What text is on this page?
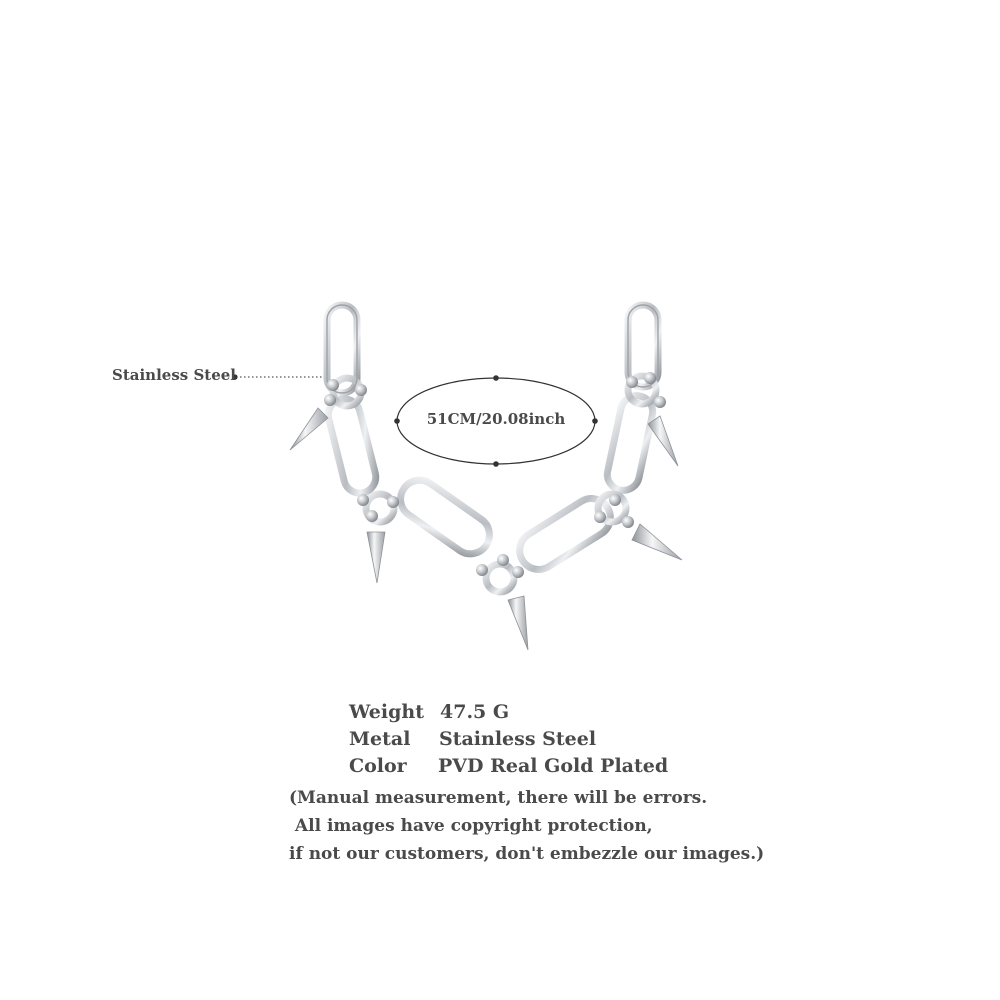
Stainless Steel
51CM/20.08inch
Weight 47.5 G
Metal Stainless Steel
Color PVD Real Gold Plated
(Manual measurement, there will be errors.
All images have copyright protection,
if not our customers, don't embezzle our images.)
